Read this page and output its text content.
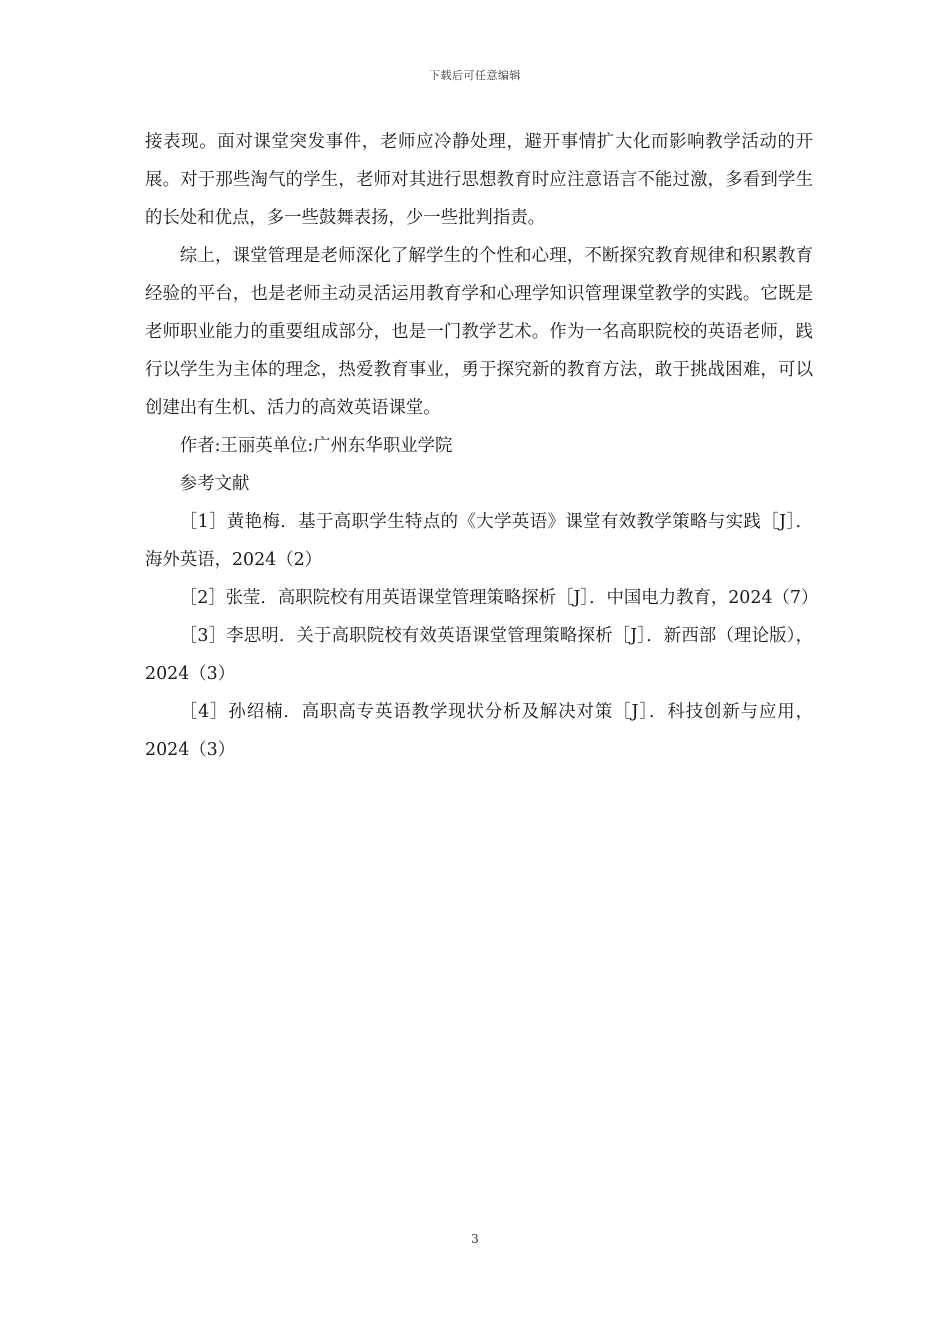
下载后可任意编辑

接表现。面对课堂突发事件，老师应冷静处理，避开事情扩大化而影响教学活动的开展。对于那些淘气的学生，老师对其进行思想教育时应注意语言不能过激，多看到学生的长处和优点，多一些鼓舞表扬，少一些批判指责。

综上，课堂管理是老师深化了解学生的个性和心理，不断探究教育规律和积累教育经验的平台，也是老师主动灵活运用教育学和心理学知识管理课堂教学的实践。它既是老师职业能力的重要组成部分，也是一门教学艺术。作为一名高职院校的英语老师，践行以学生为主体的理念，热爱教育事业，勇于探究新的教育方法，敢于挑战困难，可以创建出有生机、活力的高效英语课堂。

作者:王丽英单位:广州东华职业学院

参考文献

［1］黄艳梅．基于高职学生特点的《大学英语》课堂有效教学策略与实践［J］．海外英语，2024（2）

［2］张莹．高职院校有用英语课堂管理策略探析［J］．中国电力教育，2024（7）

［3］李思明．关于高职院校有效英语课堂管理策略探析［J］．新西部（理论版），2024（3）

［4］孙绍楠．高职高专英语教学现状分析及解决对策［J］．科技创新与应用，2024（3）

3
